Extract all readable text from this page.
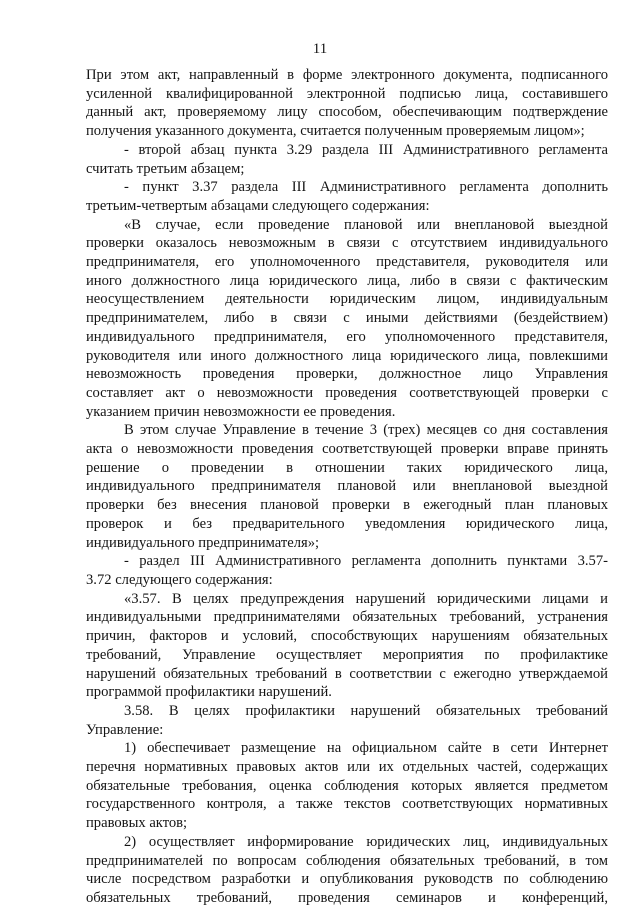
11
При этом акт, направленный в форме электронного документа, подписанного
усиленной квалифицированной электронной подписью лица, составившего
данный акт, проверяемому лицу способом, обеспечивающим подтверждение
получения указанного документа, считается полученным проверяемым лицом»;
- второй абзац пункта 3.29 раздела III Административного регламента
считать третьим абзацем;
- пункт 3.37 раздела III Административного регламента дополнить
третьим-четвертым абзацами следующего содержания:
«В случае, если проведение плановой или внеплановой выездной
проверки оказалось невозможным в связи с отсутствием индивидуального
предпринимателя, его уполномоченного представителя, руководителя или
иного должностного лица юридического лица, либо в связи с фактическим
неосуществлением деятельности юридическим лицом, индивидуальным
предпринимателем, либо в связи с иными действиями (бездействием)
индивидуального предпринимателя, его уполномоченного представителя,
руководителя или иного должностного лица юридического лица, повлекшими
невозможность проведения проверки, должностное лицо Управления
составляет акт о невозможности проведения соответствующей проверки с
указанием причин невозможности ее проведения.
В этом случае Управление в течение 3 (трех) месяцев со дня составления
акта о невозможности проведения соответствующей проверки вправе принять
решение о проведении в отношении таких юридического лица,
индивидуального предпринимателя плановой или внеплановой выездной
проверки без внесения плановой проверки в ежегодный план плановых
проверок и без предварительного уведомления юридического лица,
индивидуального предпринимателя»;
- раздел III Административного регламента дополнить пунктами 3.57-
3.72 следующего содержания:
«3.57. В целях предупреждения нарушений юридическими лицами и
индивидуальными предпринимателями обязательных требований, устранения
причин, факторов и условий, способствующих нарушениям обязательных
требований, Управление осуществляет мероприятия по профилактике
нарушений обязательных требований в соответствии с ежегодно утверждаемой
программой профилактики нарушений.
3.58. В целях профилактики нарушений обязательных требований
Управление:
1) обеспечивает размещение на официальном сайте в сети Интернет
перечня нормативных правовых актов или их отдельных частей, содержащих
обязательные требования, оценка соблюдения которых является предметом
государственного контроля, а также текстов соответствующих нормативных
правовых актов;
2) осуществляет информирование юридических лиц, индивидуальных
предпринимателей по вопросам соблюдения обязательных требований, в том
числе посредством разработки и опубликования руководств по соблюдению
обязательных требований, проведения семинаров и конференций,
